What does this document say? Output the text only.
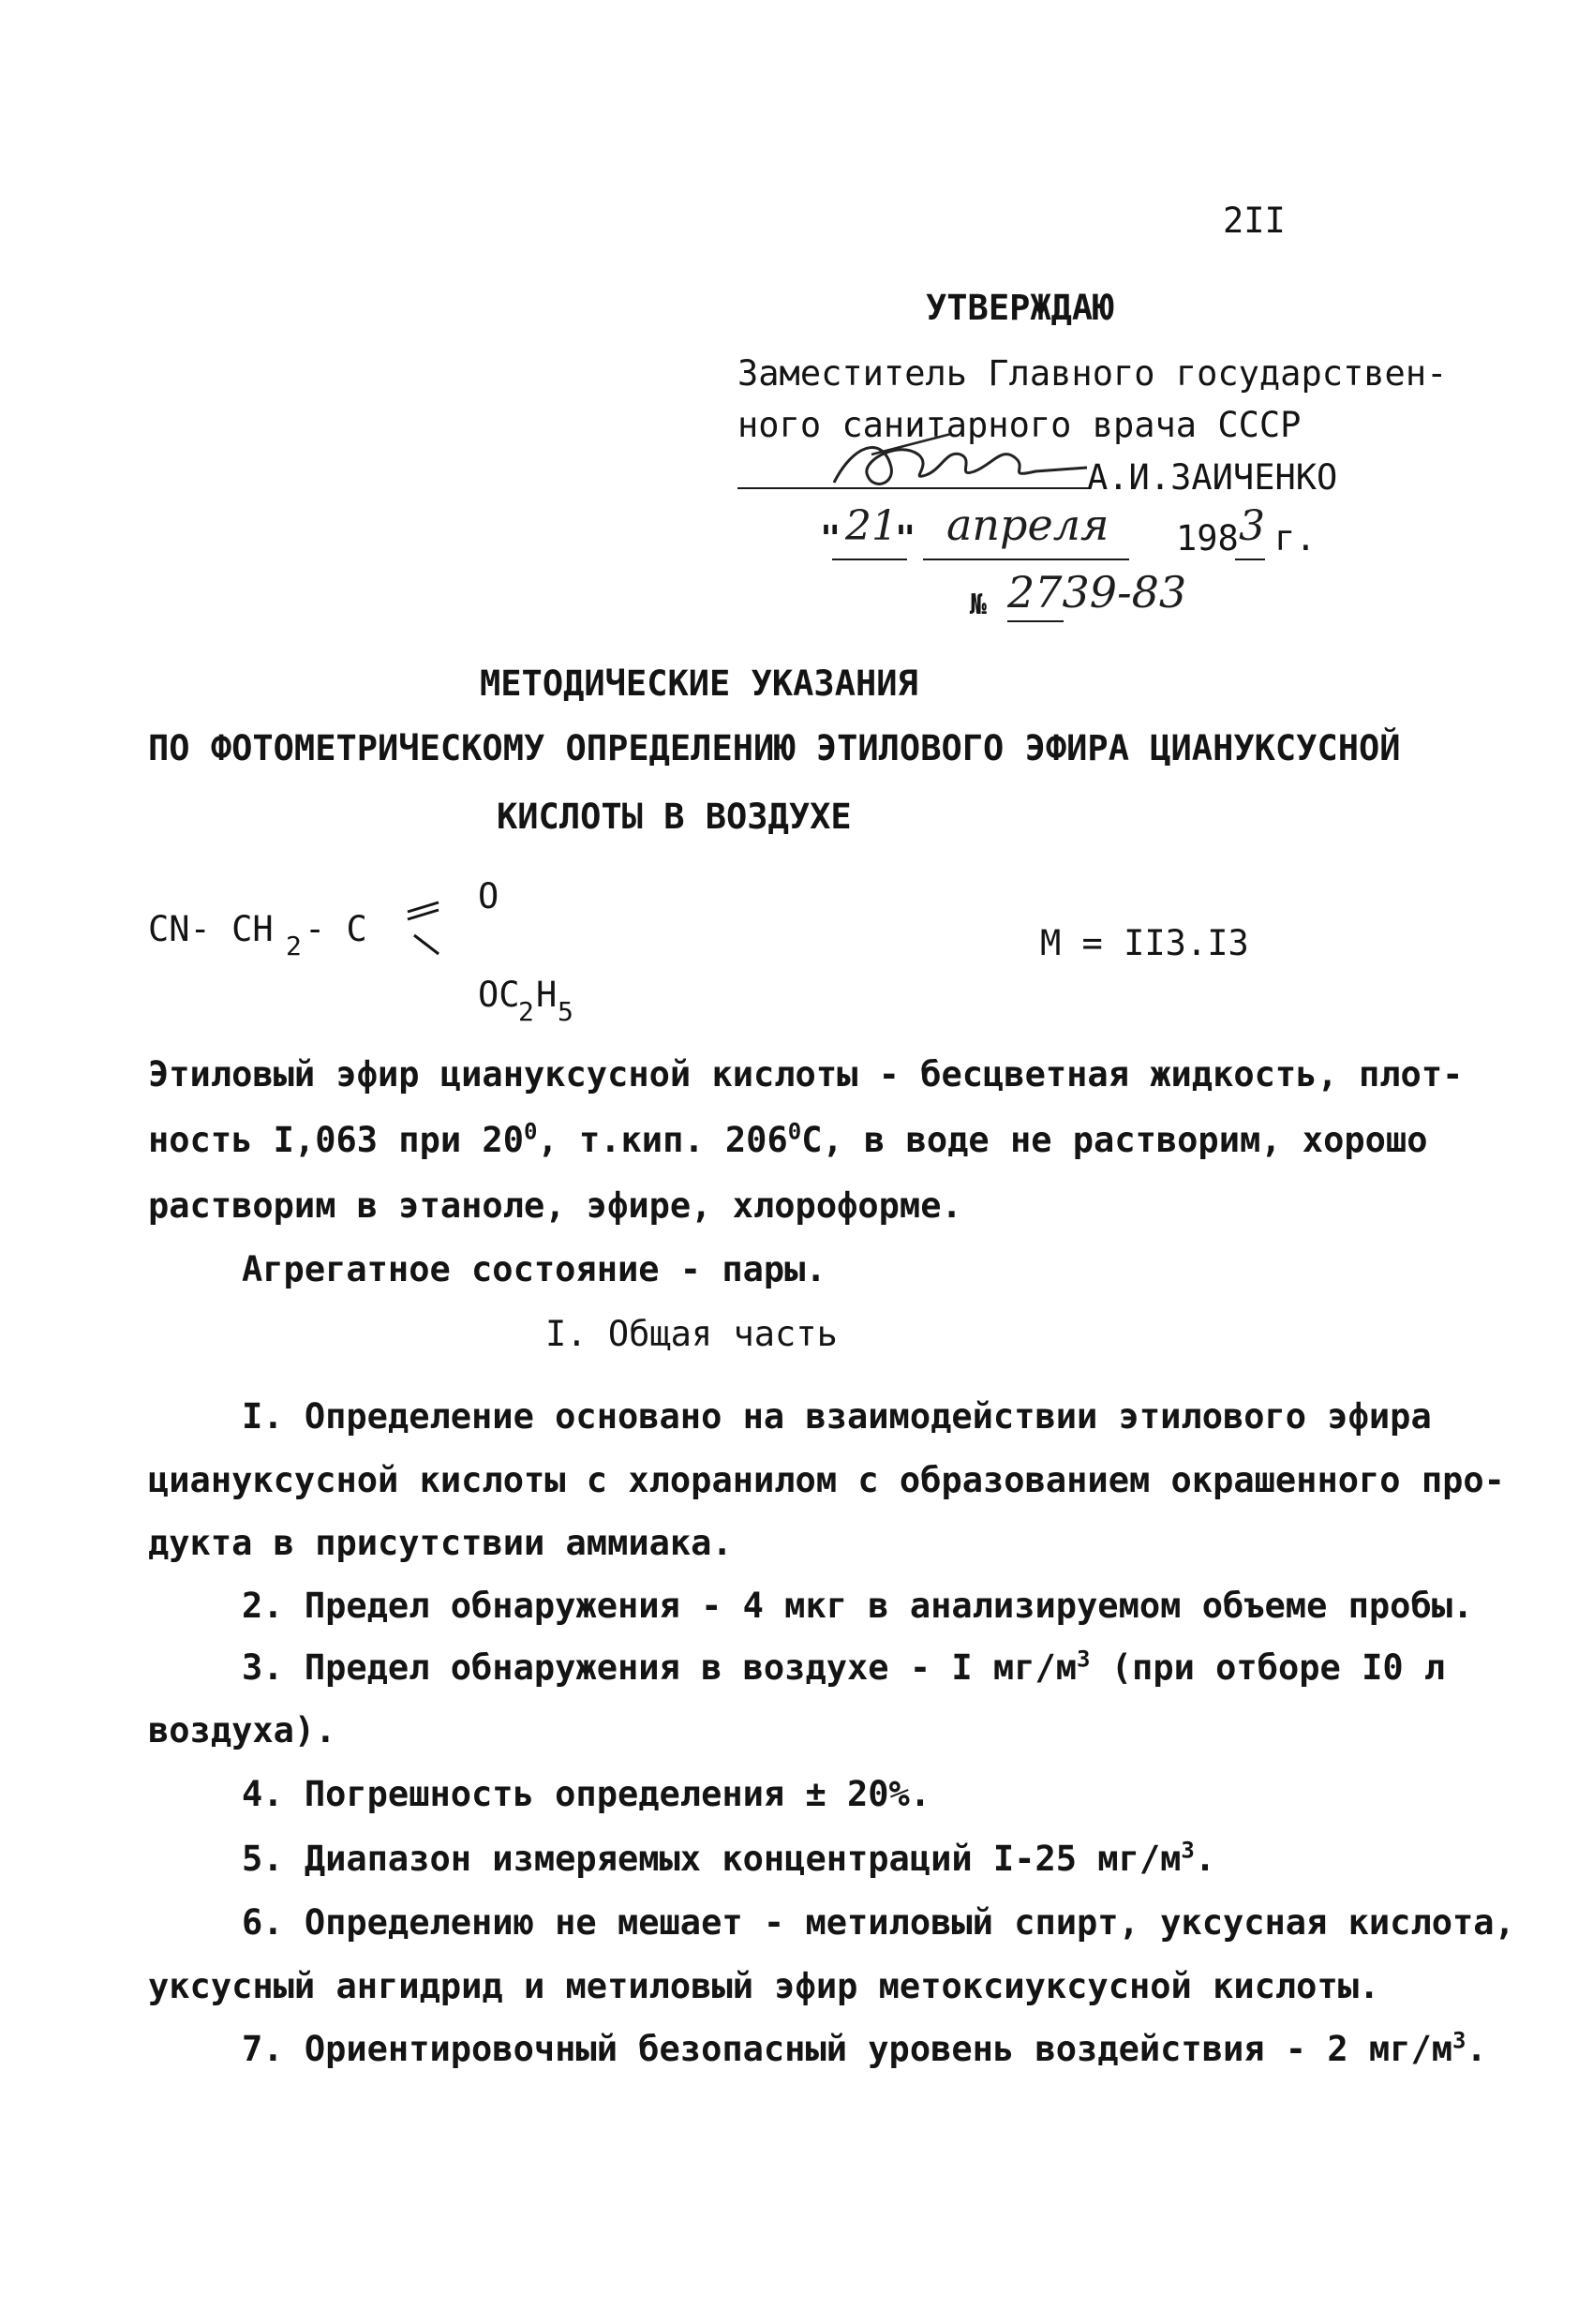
2II
УТВЕРЖДАЮ
Заместитель Главного государствен-
ного санитарного врача СССР
А.И.ЗАИЧЕНКО
" 21
" апреля 198 3 г.
№ 2739-83
МЕТОДИЧЕСКИЕ УКАЗАНИЯ
ПО ФОТОМЕТРИЧЕСКОМУ ОПРЕДЕЛЕНИЮ ЭТИЛОВОГО ЭФИРА ЦИАНУКСУСНОЙ
КИСЛОТЫ В ВОЗДУХЕ
O
CN- CH 2 - C
OC
2 H 5
M = II3.I3
Этиловый эфир циануксусной кислоты - бесцветная жидкость, плот-
ность I,063 при $20^0$, т.кип. $206^0С$, в воде не растворим, хорошо
растворим в этаноле, эфире, хлороформе.
Агрегатное состояние - пары.
I. Общая часть
I. Определение основано на взаимодействии этилового эфира
циануксусной кислоты с хлоранилом с образованием окрашенного про-
дукта в присутствии аммиака.
2. Предел обнаружения - 4 мкг в анализируемом объеме пробы.
3. Предел обнаружения в воздухе - I $мг/м^3$ (при отборе I0 л
воздуха).
4. Погрешность определения ± 20%.
5. Диапазон измеряемых концентраций I-25 $мг/м^3$.
6. Определению не мешает - метиловый спирт, уксусная кислота,
уксусный ангидрид и метиловый эфир метоксиуксусной кислоты.
7. Ориентировочный безопасный уровень воздействия - 2 $мг/м^3$.
